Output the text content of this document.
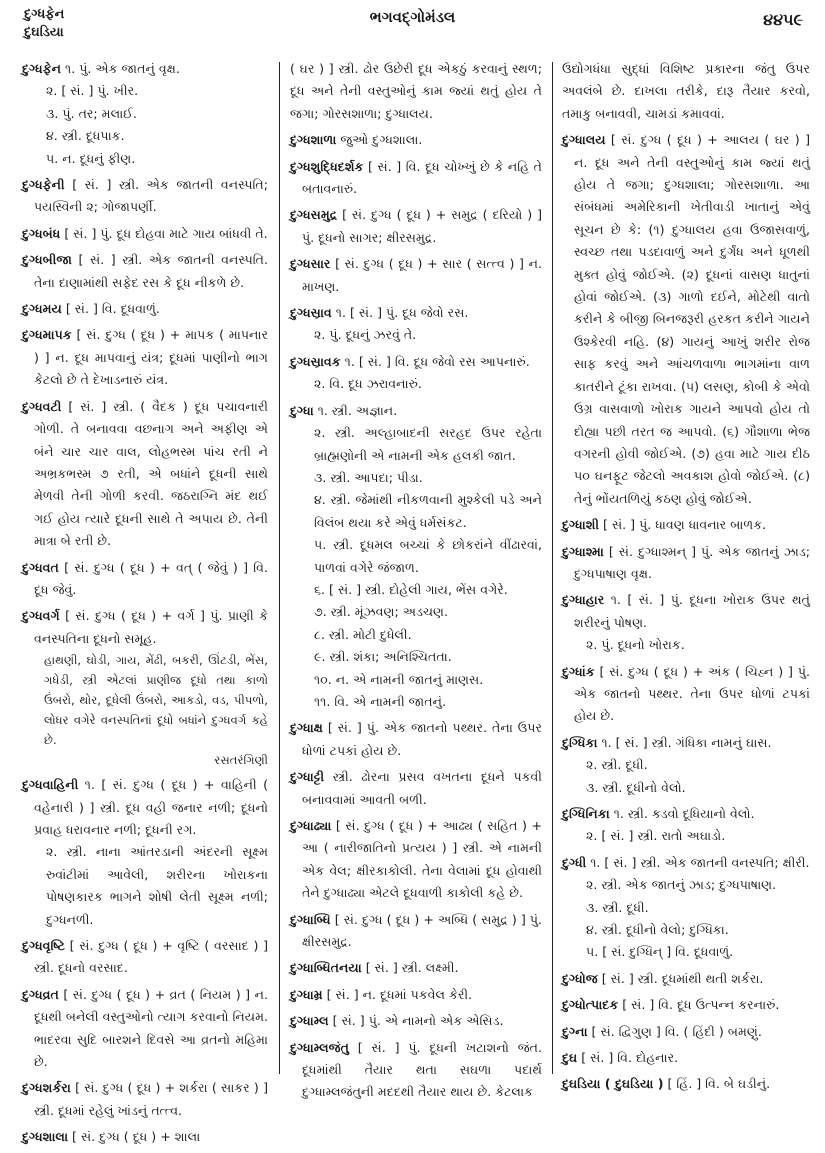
દુગ્ધફેન
દુઘડિયા
ભગવદ્ગોમંડલ	૪૪૫૯
દુગ્ધફેન ૧. પું. એક જાતનું વૃક્ષ.
૨. [ સં. ] પું. ખીર.
૩. પું. તર; મલાઈ.
૪. સ્ત્રી. દૂધપાક.
૫. ન. દૂધનું ફીણ.
દુગ્ધફેની [ સં. ] સ્ત્રી. એક જાતની વનસ્પતિ; પયસ્વિની ૨; ગોજાપર્ણી.
દુગ્ધબંધ [ સં. ] પું. દૂધ દોહવા માટે ગાય બાંધવી તે.
દુગ્ધબીજા [ સં. ] સ્ત્રી. એક જાતની વનસ્પતિ. તેના દાણામાંથી સફેદ રસ કે દૂધ નીકળે છે.
દુગ્ધમય [ સં. ] વિ. દૂધવાળું.
દુગ્ધમાપક [ સં. દુગ્ધ ( દૂધ ) + માપક ( માપનાર ) ] ન. દૂધ માપવાનું યંત્ર; દૂધમાં પાણીનો ભાગ કેટલો છે તે દેખાડનારું યંત્ર.
દુગ્ધવટી [ સં. ] સ્ત્રી. ( વૈદક ) દૂધ પચાવનારી ગોળી. તે બનાવવા વછનાગ અને અફીણ એ બંને ચાર ચાર વાલ, લોહભસ્મ પાંચ રતી ને અભ્રકભસ્મ ૭ રતી, એ બધાંને દૂધની સાથે મેળવી તેની ગોળી કરવી. જઠરાગ્નિ મંદ થઈ ગઈ હોય ત્યારે દૂધની સાથે તે અપાય છે. તેની માત્રા બે રતી છે.
દુગ્ધવત [ સં. દુગ્ધ ( દૂધ ) + વત્ ( જેવું ) ] વિ. દૂધ જેવું.
દુગ્ધવર્ગ [ સં. દુગ્ધ ( દૂધ ) + વર્ગ ] પું. પ્રાણી કે વનસ્પતિના દૂધનો સમૂહ.
હાથણી, ઘોડી, ગાય, મેંઢી, બકરી, ઊંટડી, ભેંસ, ગધેડી, સ્ત્રી એટલાં પ્રાણીજ દૂધો તથા કાળો ઉંબરો, થોર, દૂધેલી ઉંબરો, આકડો, વડ, પીપળો, લોધર વગેરે વનસ્પતિનાં દૂધો બધાંને દુગ્ધવર્ગ કહે છે.
રસતરંગિણી
દુગ્ધવાહિની ૧. [ સં. દુગ્ધ ( દૂધ ) + વાહિની ( વહેનારી ) ] સ્ત્રી. દૂધ વહી જનાર નળી; દૂધનો પ્રવાહ ધરાવનાર નળી; દૂધની રગ.
૨. સ્ત્રી. નાના આંતરડાની અંદરની સૂક્ષ્મ રુવાંટીમાં આવેલી, શરીરના ખોરાકના પોષણકારક ભાગને શોષી લેતી સૂક્ષ્મ નળી; દુગ્ધનળી.
દુગ્ધવૃષ્ટિ [ સં. દુગ્ધ ( દૂધ ) + વૃષ્ટિ ( વરસાદ ) ] સ્ત્રી. દૂધનો વરસાદ.
દુગ્ધવ્રત [ સં. દુગ્ધ ( દૂધ ) + વ્રત ( નિયમ ) ] ન. દૂધથી બનેલી વસ્તુઓનો ત્યાગ કરવાનો નિયમ. ભાદરવા સુદિ બારશને દિવસે આ વ્રતનો મહિમા છે.
દુગ્ધશર્કરા [ સં. દુગ્ધ ( દૂધ ) + શર્કરા ( સાકર ) ] સ્ત્રી. દૂધમાં રહેલું ખાંડનું તત્ત્વ.
દુગ્ધશાલા [ સં. દુગ્ધ ( દૂધ ) + શાલા
( ઘર ) ] સ્ત્રી. ઢોર ઉછેરી દૂધ એકઠું કરવાનું સ્થળ; દૂધ અને તેની વસ્તુઓનું કામ જ્યાં થતું હોય તે જગા; ગોરસશાળા; દુગ્ધાલય.
દુગ્ધશાળા જુઓ દુગ્ધશાલા.
દુગ્ધશુદ્ધિદર્શક [ સં. ] વિ. દૂધ ચોખ્ખું છે કે નહિ તે બતાવનારું.
દુગ્ધસમુદ્ર [ સં. દુગ્ધ ( દૂધ ) + સમુદ્ર ( દરિયો ) ] પું. દૂધનો સાગર; ક્ષીરસમુદ્ર.
દુગ્ધસાર [ સં. દુગ્ધ ( દૂધ ) + સાર ( સત્ત્વ ) ] ન. માખણ.
દુગ્ધસ્રાવ ૧. [ સં. ] પું. દૂધ જેવો રસ.
૨. પું. દૂધનું ઝરવું તે.
દુગ્ધસ્રાવક ૧. [ સં. ] વિ. દૂધ જેવો રસ આપનારું.
૨. વિ. દૂધ ઝરાવનારું.
દુગ્ધા ૧. સ્ત્રી. અજ્ઞાન.
૨. સ્ત્રી. અલ્હાબાદની સરહદ ઉપર રહેતા બ્રાહ્મણોની એ નામની એક હલકી જાત.
૩. સ્ત્રી. આપદા; પીડા.
૪. સ્ત્રી. જેમાંથી નીકળવાની મુશ્કેલી પડે અને વિલંબ થયા કરે એવું ધર્મસંકટ.
૫. સ્ત્રી. દૂધમલ બચ્ચાં કે છોકરાંને વીંઢારવાં, પાળવાં વગેરે જંજાળ.
૬. [ સં. ] સ્ત્રી. દોહેલી ગાય, ભેંસ વગેરે.
૭. સ્ત્રી. મૂંઝવણ; અડચણ.
૮. સ્ત્રી. મોટી દુધેલી.
૯. સ્ત્રી. શંકા; અનિશ્ચિતતા.
૧૦. ન. એ નામની જાતનું માણસ.
૧૧. વિ. એ નામની જાતનું.
દુગ્ધાક્ષ [ સં. ] પું. એક જાતનો પથ્થર. તેના ઉપર ધોળાં ટપકાં હોય છે.
દુગ્ધાટ્ટી સ્ત્રી. ઢોરના પ્રસવ વખતના દૂધને પકવી બનાવવામાં આવતી બળી.
દુગ્ધાઢ્યા [ સં. દુગ્ધ ( દૂધ ) + આઢ્ય ( સહિત ) + આ ( નારીજાતિનો પ્રત્યય ) ] સ્ત્રી. એ નામની એક વેલ; ક્ષીરકાકોલી. તેના વેલામાં દૂધ હોવાથી તેને દુગ્ધાઢ્યા એટલે દૂધવાળી કાકોલી કહે છે.
દુગ્ધાબ્ધિ [ સં. દુગ્ધ ( દૂધ ) + અબ્ધિ ( સમુદ્ર ) ] પું. ક્ષીરસમુદ્ર.
દુગ્ધાબ્ધિતનયા [ સં. ] સ્ત્રી. લક્ષ્મી.
દુગ્ધામ્ર [ સં. ] ન. દૂધમાં પકવેલ કેરી.
દુગ્ધામ્લ [ સં. ] પું. એ નામનો એક એસિડ.
દુગ્ધામ્લજંતુ [ સં. ] પું. દૂધની ખટાશનો જંત. દૂધમાંથી તૈયાર થતા સઘળા પદાર્થ દુગ્ધામ્લજંતુની મદદથી તૈયાર થાય છે. કેટલાક
ઉદ્યોગધંધા સુદ્ધાં વિશિષ્ટ પ્રકારના જંતુ ઉપર અવલંબે છે. દાખલા તરીકે, દારૂ તૈયાર કરવો, તમાકુ બનાવવી, ચામડાં કમાવવાં.
દુગ્ધાલય [ સં. દુગ્ધ ( દૂધ ) + આલય ( ઘર ) ] ન. દૂધ અને તેની વસ્તુઓનું કામ જ્યાં થતું હોય તે જગા; દુગ્ધશાલા; ગોરસશાળા. આ સંબંધમાં અમેરિકાની ખેતીવાડી ખાતાનું એવું સૂચન છે કે: (૧) દુગ્ધાલય હવા ઉજાસવાળું, સ્વચ્છ તથા પડદાવાળું અને દુર્ગંધ અને ધૂળથી મુક્ત હોવું જોઈએ. (૨) દૂધનાં વાસણ ધાતુનાં હોવાં જોઈએ. (૩) ગાળો દઈને, મોટેથી વાતો કરીને કે બીજી બિનજરૂરી હરકત કરીને ગાયને ઉશ્કેરવી નહિ. (૪) ગાયનું આખું શરીર રોજ સાફ કરવું અને આંચળવાળા ભાગમાંના વાળ કાતરીને ટૂંકા રાખવા. (૫) લસણ, કોબી કે એવો ઉગ્ર વાસવાળો ખોરાક ગાયને આપવો હોય તો દોહ્યા પછી તરત જ આપવો. (૬) ગૌશાળા ભેજ વગરની હોવી જોઈએ. (૭) હવા માટે ગાય દીઠ ૫૦ ઘનફૂટ જેટલો અવકાશ હોવો જોઈએ. (૮) તેનું ભોંયતળિયું કઠણ હોવું જોઈએ.
દુગ્ધાશી [ સં. ] પું. ધાવણ ધાવનાર બાળક.
દુગ્ધાશ્મા [ સં. દુગ્ધાશ્મન્ ] પું. એક જાતનું ઝાડ; દુગ્ધપાષાણ વૃક્ષ.
દુગ્ધાહાર ૧. [ સં. ] પું. દૂધના ખોરાક ઉપર થતું શરીરનું પોષણ.
૨. પું. દૂધનો ખોરાક.
દુગ્ધાંક [ સં. દુગ્ધ ( દૂધ ) + અંક ( ચિહ્ન ) ] પું. એક જાતનો પથ્થર. તેના ઉપર ધોળાં ટપકાં હોય છે.
દુગ્ધિકા ૧. [ સં. ] સ્ત્રી. ગંધિકા નામનું ઘાસ.
૨. સ્ત્રી. દૂધી.
૩. સ્ત્રી. દૂધીનો વેલો.
દુગ્ધિનિકા ૧. સ્ત્રી. કડવો દૂધિયાનો વેલો.
૨. [ સં. ] સ્ત્રી. રાતો અઘાડો.
દુગ્ધી ૧. [ સં. ] સ્ત્રી. એક જાતની વનસ્પતિ; ક્ષીરી.
૨. સ્ત્રી. એક જાતનું ઝાડ; દુગ્ધપાષાણ.
૩. સ્ત્રી. દૂધી.
૪. સ્ત્રી. દૂધીનો વેલો; દુગ્ધિકા.
૫. [ સં. દુગ્ધિન્ ] વિ. દૂધવાળું.
દુગ્ધોજ [ સં. ] સ્ત્રી. દૂધમાંથી થતી શર્કરા.
દુગ્ધોત્પાદક [ સં. ] વિ. દૂધ ઉત્પન્ન કરનારું.
દુગ્ના [ સં. દ્વિગુણ ] વિ. ( હિંદી ) બમણું.
દુઘ [ સં. ] વિ. દોહનાર.
દુઘડિયા ( દુઘડિયા ) [ હિં. ] વિ. બે ઘડીનું.
